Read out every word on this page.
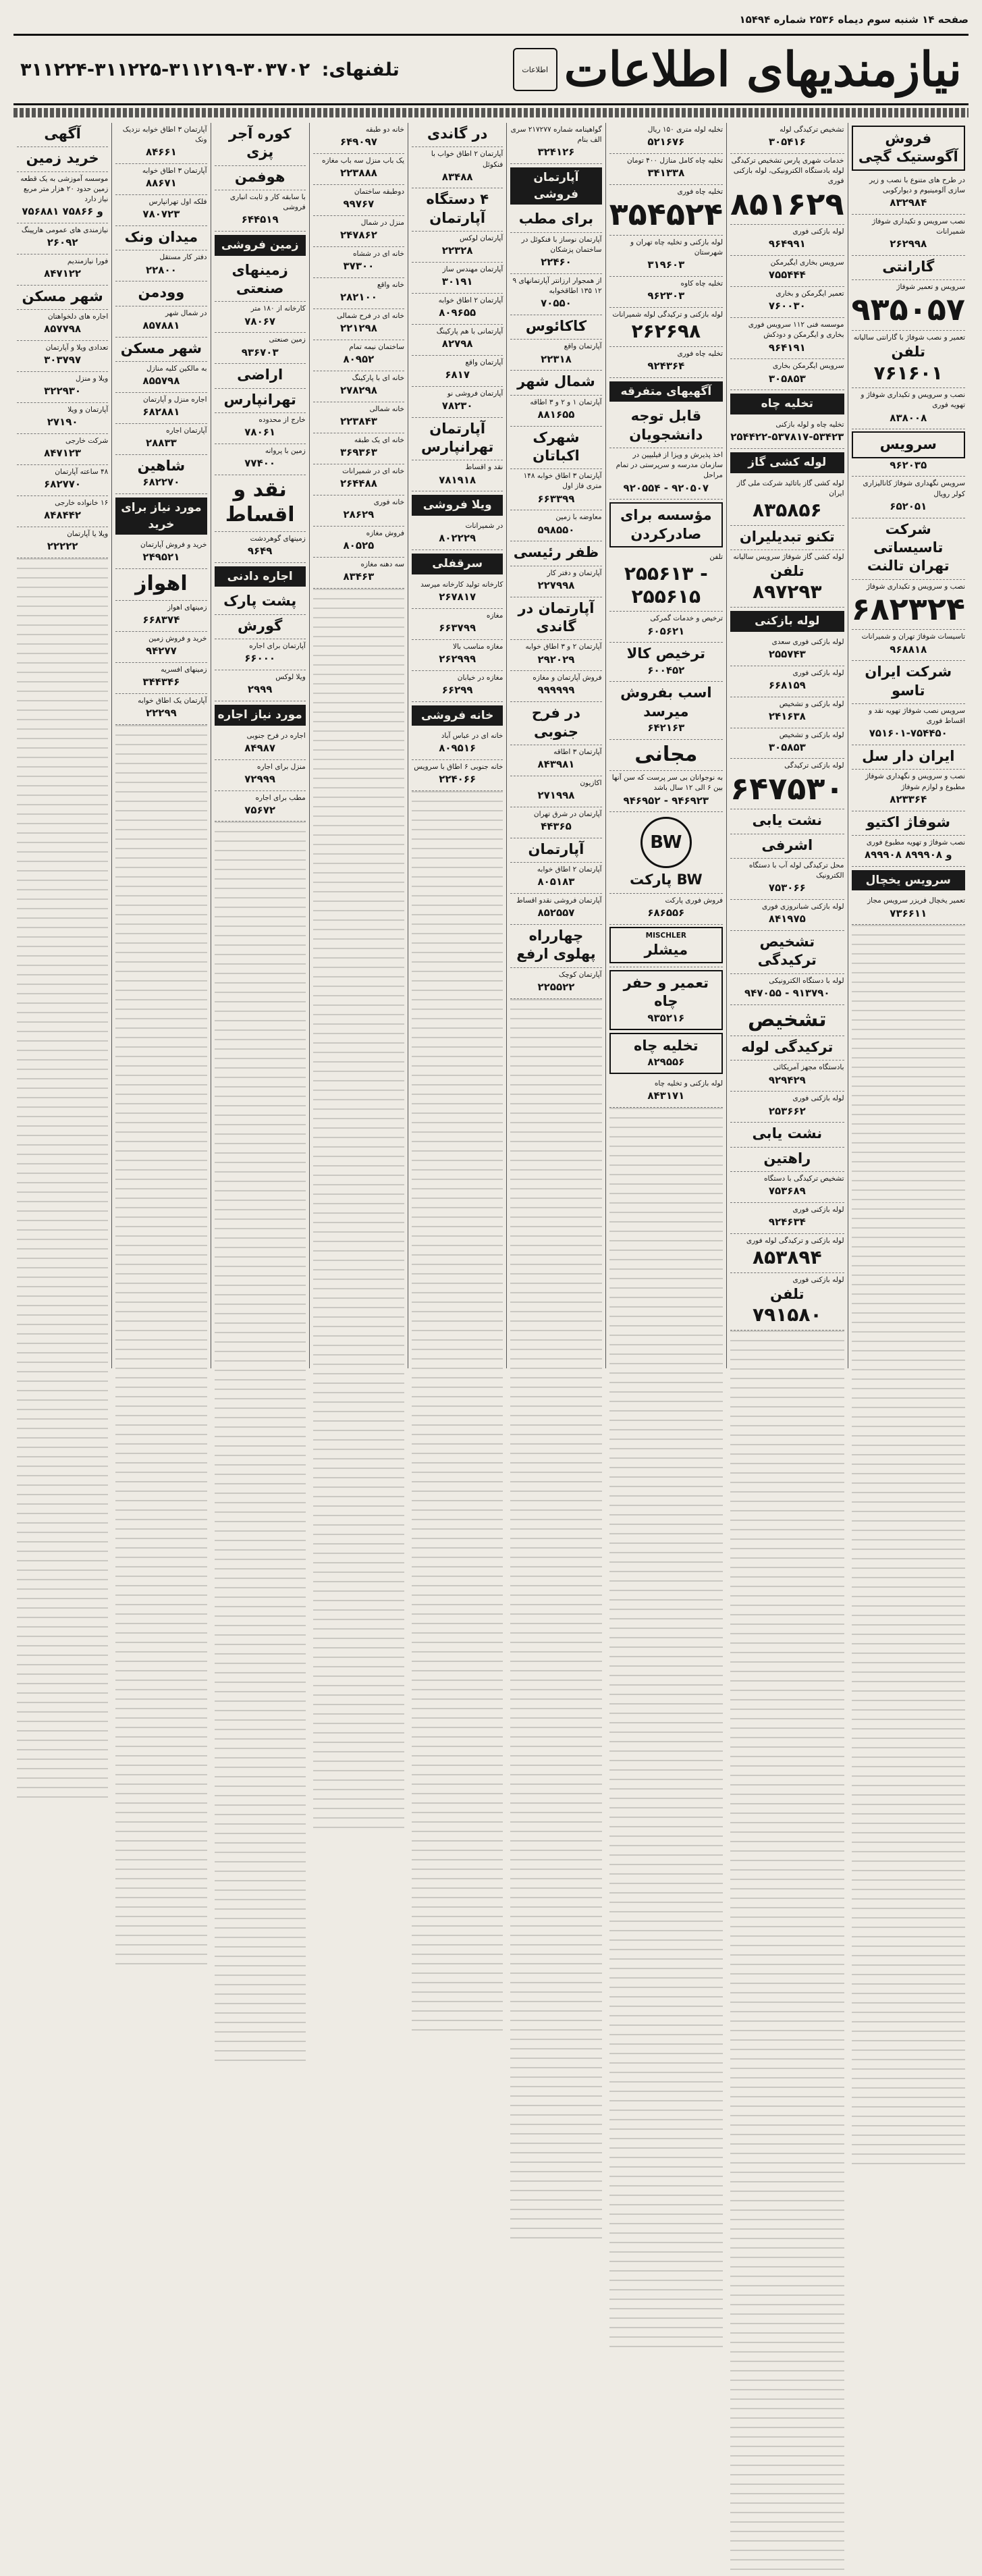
صفحه ۱۴ شنبه سوم دیماه ۲۵۳۶ شماره ۱۵۴۹۴
نیازمندیهای اطلاعات
اطلاعات
تلفنهای: ۳۰۳۷۰۲-۳۱۱۲۱۹-۳۱۱۲۲۵-۳۱۱۲۲۴
فروش آگوستیک گچی

در طرح های متنوع با نصب و زیر سازی آلومینیوم و دیوارکوبی

۸۳۲۹۸۴

نصب سرویس و تکیداری شوفاژ شمیرانات

۲۶۲۹۹۸
گارانتی

سرویس و تعمیر شوفاژ

۹۳۵۰۵۷

تعمیر و نصب شوفاژ با گارانتی سالیانه

تلفن
۷۶۱۶۰۱

نصب و سرویس و تکیداری شوفاژ و تهویه فوری

۸۳۸۰۰۸
سرویس
۹۶۲۰۳۵

سرویس نگهداری شوفاژ کانالیزاری کولر رویال

۶۵۲۰۵۱
شرکت تاسیساتی تهران تالنت

نصب و سرویس و تکیداری شوفاژ

۶۸۲۳۲۴

تاسیسات شوفاژ تهران و شمیرانات

۹۶۸۸۱۸
شرکت ایران تاسو

سرویس نصب شوفاژ تهویه نقد و اقساط فوری

۷۵۱۶۰۱-۷۵۴۴۵۰
ایران دار سل

نصب و سرویس و نگهداری شوفاژ مطبوع و لوازم شوفاژ

۸۲۳۳۶۴
شوفاژ اکتیو

نصب شوفاژ و تهویه مطبوع فوری

۸۹۹۹۰۸ و ۸۹۹۹۰۸
سرویس یخچال

تعمیر یخچال فریزر سرویس مجاز

۷۳۶۶۱۱

تشخیص ترکیدگی لوله

۳۰۵۴۱۶

خدمات شهری پارس تشخیص ترکیدگی لوله بادستگاه الکترونیکی، لوله بازکنی فوری

۸۵۱۶۲۹

لوله بازکنی فوری

۹۶۴۹۹۱

سرویس بخاری ایگیرمکن

۷۵۵۴۴۴

تعمیر ایگرمکن و بخاری

۷۶۰۰۳۰

موسسه فنی ۱۱۲ سرویس فوری بخاری و ایگرمکن و دودکش

۹۶۴۱۹۱

سرویس ایگرمکن بخاری

۳۰۵۸۵۳
تخلیه چاه

تخلیه چاه و لوله بازکنی

۲۵۴۴۲۲-۵۳۷۸۱۷-۵۳۴۲۳
لوله کشی گاز

لوله کشی گاز باتائید شرکت ملی گاز ایران

۸۳۵۸۵۶
تکنو تبدیلیران

لوله کشی گاز شوفاژ سرویس سالیانه

تلفن
۸۹۷۲۹۳
لوله بازکنی

لوله بازکنی فوری سعدی

۲۵۵۷۴۳

لوله بازکنی فوری

۶۶۸۱۵۹

لوله بازکنی و تشخیص

۲۴۱۶۳۸

لوله بازکنی و تشخیص

۳۰۵۸۵۳

لوله بازکنی ترکیدگی

۶۴۷۵۳۰
نشت یابی
اشرفی

محل ترکیدگی لوله آب با دستگاه الکترونیک

۷۵۳۰۶۶

لوله بازکنی شبانروزی فوری

۸۴۱۹۷۵
تشخیص ترکیدگی

لوله با دستگاه الکترونیکی

۹۴۷۰۵۵ - ۹۱۳۷۹۰
تشخیص
ترکیدگی لوله

بادستگاه مجهز آمریکائی

۹۲۹۴۲۹

لوله بازکنی فوری

۲۵۳۶۶۲
نشت یابی
راهتین

تشخیص ترکیدگی با دستگاه

۷۵۳۶۸۹

لوله بازکنی فوری

۹۲۴۶۳۴

لوله بازکنی و ترکیدگی لوله فوری

۸۵۳۸۹۴

لوله بازکنی فوری

تلفن
۷۹۱۵۸۰

تخلیه لوله متری ۱۵۰ ریال

۵۲۱۶۷۶

تخلیه چاه کامل منازل ۴۰۰ تومان

۳۴۱۳۳۸

تخلیه چاه فوری

۳۵۴۵۲۴

لوله بازکنی و تخلیه چاه تهران و شهرستان

۳۱۹۶۰۳

تخلیه چاه کاوه

۹۶۲۳۰۳

لوله بازکنی و ترکیدگی لوله شمیرانات

۲۶۲۶۹۸

تخلیه چاه فوری

۹۲۴۳۶۴
آگهیهای متفرقه
قابل توجه دانشجویان

اخذ پذیرش و ویزا از فیلیپین در سازمان مدرسه و سرپرستی در تمام مراحل

۹۲۰۵۵۴ - ۹۲۰۵۰۷
مؤسسه برای صادرکردن

تلفن

۲۵۵۶۱۳ - ۲۵۵۶۱۵

ترخیص و خدمات گمرکی

۶۰۵۶۲۱
ترخیص کالا
۶۰۰۴۵۲
اسب بفروش میرسد
۶۴۲۱۶۳
مجانی

به نوجوانان بی سر پرست که سن آنها بین ۶ الی ۱۲ سال باشد

۹۴۶۹۵۲ - ۹۴۶۹۲۳
BW
BW پارکت

فروش فوری پارکت

۶۸۶۵۵۶
MISCHLER
میشلر
تعمیر و حفر چاه
۹۳۵۲۱۶
تخلیه چاه
۸۲۹۵۵۶

لوله بازکنی و تخلیه چاه

۸۴۳۱۷۱

گواهینامه شماره ۲۱۷۲۷۷ سری الف بنام

۳۲۴۱۲۶
آپارتمان فروشی
برای مطب

آپارتمان نوساز با فنکوئل در ساختمان پزشکان

۲۲۴۶۰

از همجوار ارزانتر آپارتمانهای ۹ ۱۲ ۱۳۵ اطاقخوابه

۷۰۵۵۰
کاکائوس

آپارتمان واقع

۲۲۳۱۸
شمال شهر

آپارتمان ۱ و ۲ و ۳ اطاقه

۸۸۱۶۵۵
شهرک اکباتان

آپارتمان ۳ اطاق خوابه ۱۴۸ متری فاز اول

۶۶۳۳۹۹

معاوضه با زمین

۵۹۸۵۵۰
ظفر رئیسی

آپارتمان و دفتر کار

۲۲۷۹۹۸
آپارتمان در گاندی

آپارتمان ۲ و ۳ اطاق خوابه

۲۹۲۰۲۹

فروش آپارتمان و مغازه

۹۹۹۹۹۹
در فرح جنوبی

آپارتمان ۳ اطاقه

۸۴۳۹۸۱

اکازیون

۲۷۱۹۹۸

آپارتمان در شرق تهران

۴۴۳۶۵
آپارتمان

آپارتمان ۲ اطاق خوابه

۸۰۵۱۸۳

آپارتمان فروشی نقدو اقساط

۸۵۲۵۵۷
چهارراه پهلوی ارفع

آپارتمان کوچک

۲۲۵۵۲۲
در گاندی

آپارتمان ۲ اطاق خواب با فنکوئل

۸۳۴۸۸
۴ دستگاه آپارتمان

آپارتمان لوکس

۲۲۳۲۸

آپارتمان مهندس ساز

۳۰۱۹۱

آپارتمان ۲ اطاق خوابه

۸۰۹۶۵۵

آپارتمانی با هم پارکینگ

۸۲۷۹۸

آپارتمان واقع

۶۸۱۷

آپارتمان فروشی نو

۷۸۲۳۰
آپارتمان تهرانپارس

نقد و اقساط

۷۸۱۹۱۸
ویلا فروشی

در شمیرانات

۸۰۲۲۲۹
سرقفلی

کارخانه تولید کارخانه میرسد

۲۶۷۸۱۷

مغازه

۶۶۳۷۹۹

مغازه مناسب بالا

۲۶۲۹۹۹

مغازه در خیابان

۶۶۲۹۹
خانه فروشی

خانه ای در عباس آباد

۸۰۹۵۱۶

خانه جنوبی ۶ اطاق با سرویس

۲۲۴۰۶۶

خانه دو طبقه

۶۴۹۰۹۷

یک باب منزل سه باب مغازه

۲۲۳۸۸۸

دوطبقه ساختمان

۹۹۷۶۷

منزل در شمال

۲۴۷۸۶۲

خانه ای در ششاه

۳۷۳۰۰

خانه واقع

۲۸۲۱۰۰

خانه ای در فرح شمالی

۲۲۱۲۹۸

ساختمان نیمه تمام

۸۰۹۵۲

خانه ای با پارکینگ

۲۷۸۲۹۸

خانه شمالی

۲۲۳۸۴۳

خانه ای یک طبقه

۳۶۹۳۶۳

خانه ای در شمیرانات

۲۶۴۴۸۸

خانه فوری

۲۸۶۲۹

فروش مغازه

۸۰۵۲۵

سه دهنه مغازه

۸۳۴۶۳
کوره آجر پزی
هوفمن

با سابقه کار و ثابت انباری فروشی

۶۴۴۵۱۹
زمین فروشی
زمینهای صنعتی

کارخانه از ۱۸۰ متر

۷۸۰۶۷

زمین صنعتی

۹۳۶۷۰۳
اراضی
تهرانپارس

خارج از محدوده

۷۸۰۶۱

زمین با پروانه

۷۷۴۰۰
نقد و اقساط

زمینهای گوهردشت

۹۶۴۹
اجاره دادنی
پشت پارک
گورش

آپارتمان برای اجاره

۶۶۰۰۰

ویلا لوکس

۲۹۹۹
مورد نیاز اجاره

اجاره در فرح جنوبی

۸۴۹۸۷

منزل برای اجاره

۷۲۹۹۹

مطب برای اجاره

۷۵۶۷۲

آپارتمان ۳ اطاق خوابه نزدیک ونک

۸۴۶۶۱

آپارتمان ۳ اطاق خوابه

۸۸۶۷۱

فلکه اول تهرانپارس

۷۸۰۷۲۳
میدان ونک

دفتر کار مستقل

۲۲۸۰۰
وودمن

در شمال شهر

۸۵۷۸۸۱
شهر مسکن

به مالکین کلیه منازل

۸۵۵۷۹۸

اجاره منزل و آپارتمان

۶۸۲۸۸۱

آپارتمان اجاره

۲۸۸۳۳
شاهین
۶۸۲۲۷۰
مورد نیاز برای خرید

خرید و فروش آپارتمان

۲۴۹۵۲۱
اهواز

زمینهای اهواز

۶۶۸۳۷۴

خرید و فروش زمین

۹۴۲۷۷

زمینهای افسریه

۳۴۴۳۴۶

آپارتمان یک اطاق خوابه

۲۲۲۹۹
آگهی
خرید زمین

موسسه آموزشی به یک قطعه زمین حدود ۲۰ هزار متر مربع نیاز دارد

۷۵۶۸۸۱ و ۷۵۸۶۶

نیازمندی های عمومی هارپینگ

۲۶۰۹۲

فورا نیازمندیم

۸۴۷۱۲۲
شهر مسکن

اجاره های دلخواهتان

۸۵۷۷۹۸

تعدادی ویلا و آپارتمان

۳۰۳۷۹۷

ویلا و منزل

۳۲۲۹۳۰

آپارتمان و ویلا

۲۷۱۹۰

شرکت خارجی

۸۴۷۱۲۳

۴۸ ساعته آپارتمان

۶۸۲۷۷۰

۱۶ خانواده خارجی

۸۴۸۴۴۲

ویلا یا آپارتمان

۲۲۲۲۲
